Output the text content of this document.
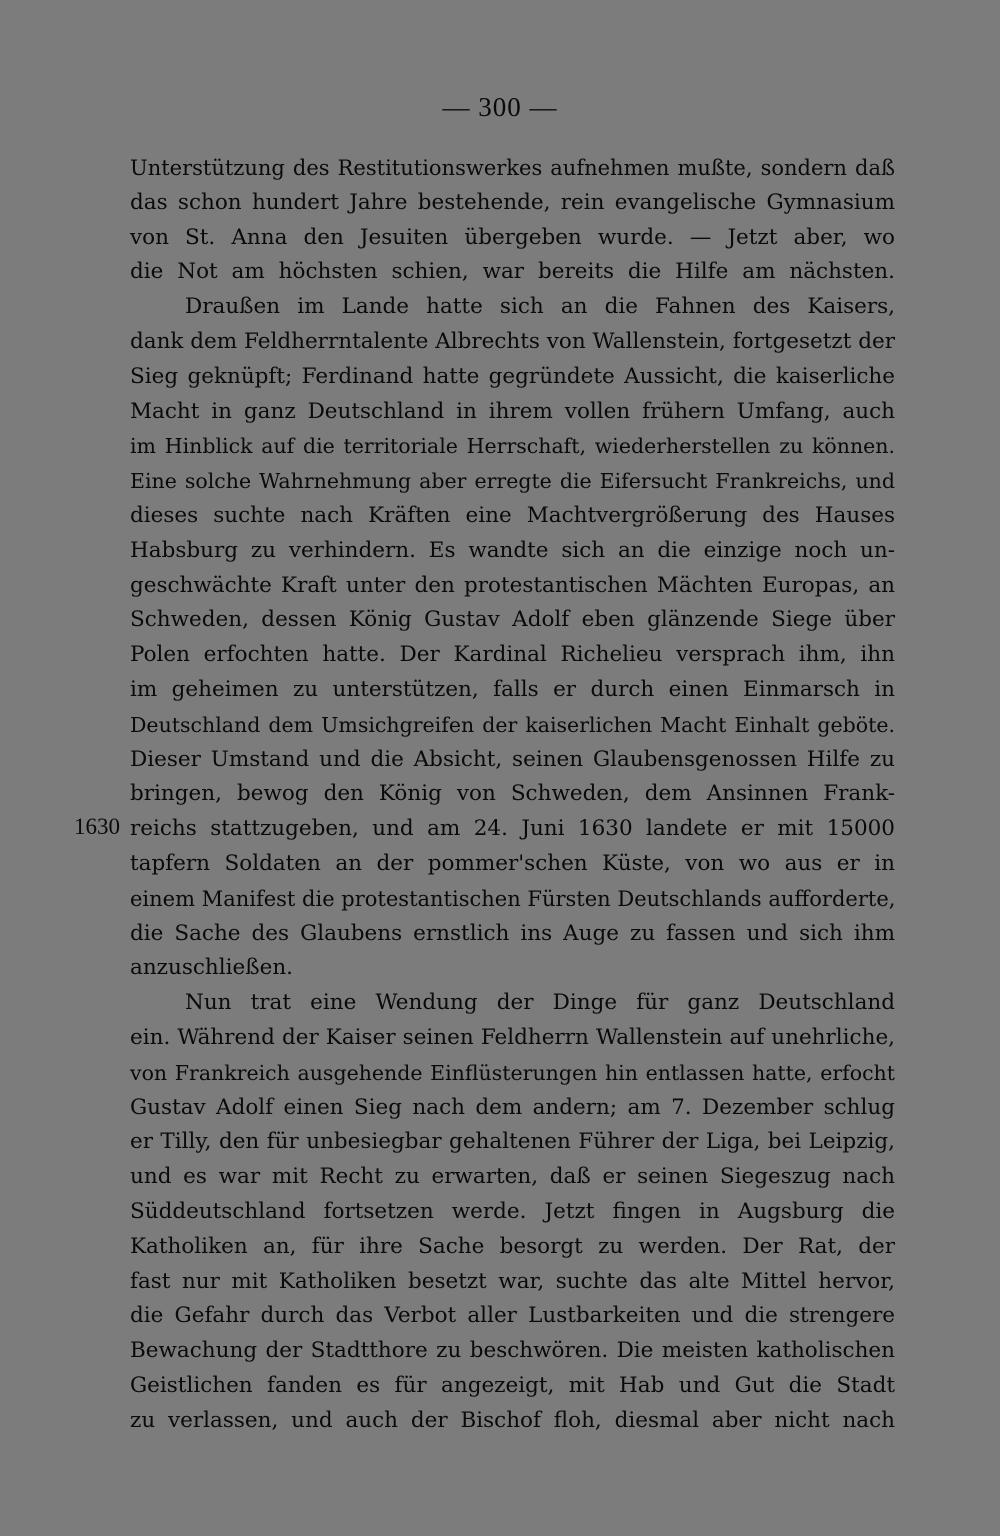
— 300 —
1630
Unterstützung des Restitutionswerkes aufnehmen mußte, sondern daß
das schon hundert Jahre bestehende, rein evangelische Gymnasium
von St. Anna den Jesuiten übergeben wurde. — Jetzt aber, wo
die Not am höchsten schien, war bereits die Hilfe am nächsten.
Draußen im Lande hatte sich an die Fahnen des Kaisers,
dank dem Feldherrntalente Albrechts von Wallenstein, fortgesetzt der
Sieg geknüpft; Ferdinand hatte gegründete Aussicht, die kaiserliche
Macht in ganz Deutschland in ihrem vollen frühern Umfang, auch
im Hinblick auf die territoriale Herrschaft, wiederherstellen zu können.
Eine solche Wahrnehmung aber erregte die Eifersucht Frankreichs, und
dieses suchte nach Kräften eine Machtvergrößerung des Hauses
Habsburg zu verhindern. Es wandte sich an die einzige noch un-
geschwächte Kraft unter den protestantischen Mächten Europas, an
Schweden, dessen König Gustav Adolf eben glänzende Siege über
Polen erfochten hatte. Der Kardinal Richelieu versprach ihm, ihn
im geheimen zu unterstützen, falls er durch einen Einmarsch in
Deutschland dem Umsichgreifen der kaiserlichen Macht Einhalt geböte.
Dieser Umstand und die Absicht, seinen Glaubensgenossen Hilfe zu
bringen, bewog den König von Schweden, dem Ansinnen Frank-
reichs stattzugeben, und am 24. Juni 1630 landete er mit 15000
tapfern Soldaten an der pommer'schen Küste, von wo aus er in
einem Manifest die protestantischen Fürsten Deutschlands aufforderte,
die Sache des Glaubens ernstlich ins Auge zu fassen und sich ihm
anzuschließen.
Nun trat eine Wendung der Dinge für ganz Deutschland
ein. Während der Kaiser seinen Feldherrn Wallenstein auf unehrliche,
von Frankreich ausgehende Einflüsterungen hin entlassen hatte, erfocht
Gustav Adolf einen Sieg nach dem andern; am 7. Dezember schlug
er Tilly, den für unbesiegbar gehaltenen Führer der Liga, bei Leipzig,
und es war mit Recht zu erwarten, daß er seinen Siegeszug nach
Süddeutschland fortsetzen werde. Jetzt fingen in Augsburg die
Katholiken an, für ihre Sache besorgt zu werden. Der Rat, der
fast nur mit Katholiken besetzt war, suchte das alte Mittel hervor,
die Gefahr durch das Verbot aller Lustbarkeiten und die strengere
Bewachung der Stadtthore zu beschwören. Die meisten katholischen
Geistlichen fanden es für angezeigt, mit Hab und Gut die Stadt
zu verlassen, und auch der Bischof floh, diesmal aber nicht nach
